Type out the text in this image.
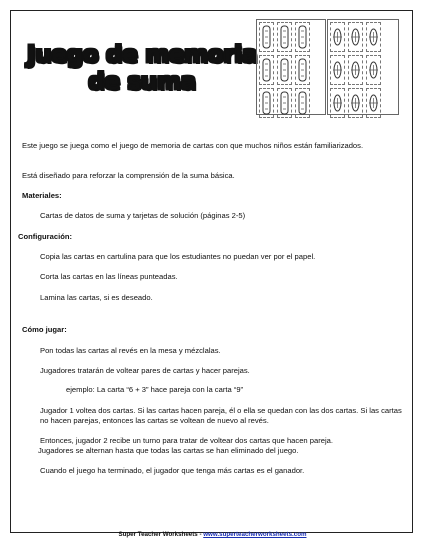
Juego de memoria
de suma
Este juego se juega como el juego de memoria de cartas con que muchos niños están familiarizados.
Está diseñado para reforzar la comprensión de la suma básica.
Materiales:
Cartas de datos de suma y tarjetas de solución (páginas 2-5)
Configuración:
Copia las cartas en cartulina para que los estudiantes no puedan ver por el papel.
Corta las cartas en las líneas punteadas.
Lamina las cartas, si es deseado.
Cómo jugar:
Pon todas las cartas al revés en la mesa y mézclalas.
Jugadores tratarán de voltear pares de cartas y hacer parejas.
ejemplo: La carta “6 + 3” hace pareja con la carta “9”
Jugador 1 voltea dos cartas. Si las cartas hacen pareja, él o ella se quedan con las dos cartas. Si las cartas no hacen parejas, entonces las cartas se voltean de nuevo al revés.
Entonces, jugador 2 recibe un turno para tratar de voltear dos cartas que hacen pareja.
Jugadores se alternan hasta que todas las cartas se han eliminado del juego.
Cuando el juego ha terminado, el jugador que tenga más cartas es el ganador.
Super Teacher Worksheets - www.superteacherworksheets.com
